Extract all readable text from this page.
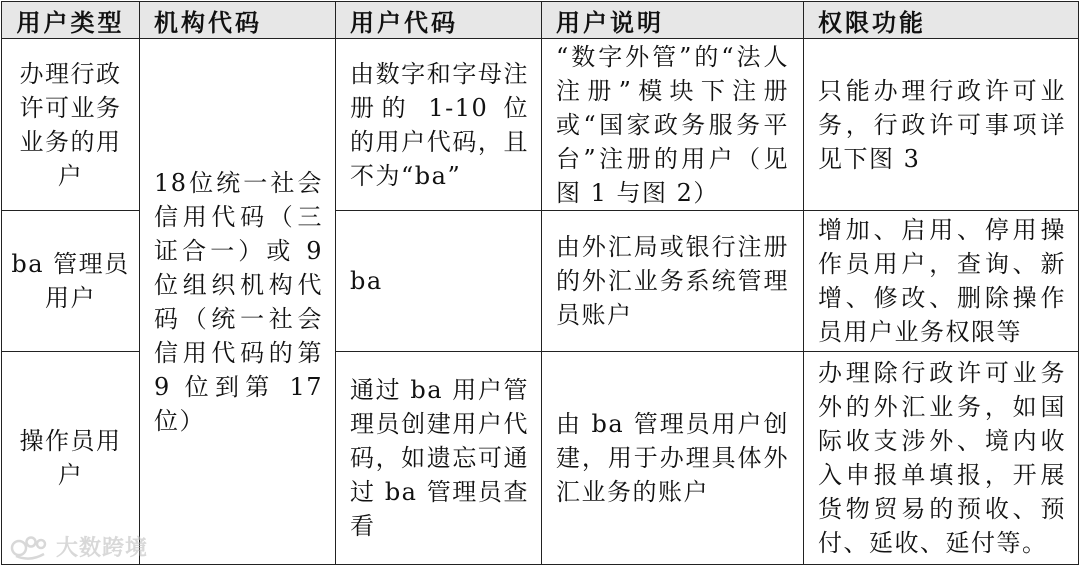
用户类型	机构代码	用户代码	用户说明	权限功能
办理行政许可业务业务的用户	18位统一社会信用代码（三证合一）或 9 位组织机构代码（统一社会信用代码的第 9 位到第 17 位）	由数字和字母注册的 1-10 位的用户代码，且不为“ba”	“数字外管”的“法人注册”模块下注册或“国家政务服务平台”注册的用户（见图 1 与图 2）	只能办理行政许可业务，行政许可事项详见下图 3
ba 管理员用户		ba	由外汇局或银行注册的外汇业务系统管理员账户	增加、启用、停用操作员用户，查询、新增、修改、删除操作员用户业务权限等
操作员用户		通过 ba 用户管理员创建用户代码，如遗忘可通过 ba 管理员查看	由 ba 管理员用户创建，用于办理具体外汇业务的账户	办理除行政许可业务外的外汇业务，如国际收支涉外、境内收入申报单填报，开展货物贸易的预收、预付、延收、延付等。
大数跨境
